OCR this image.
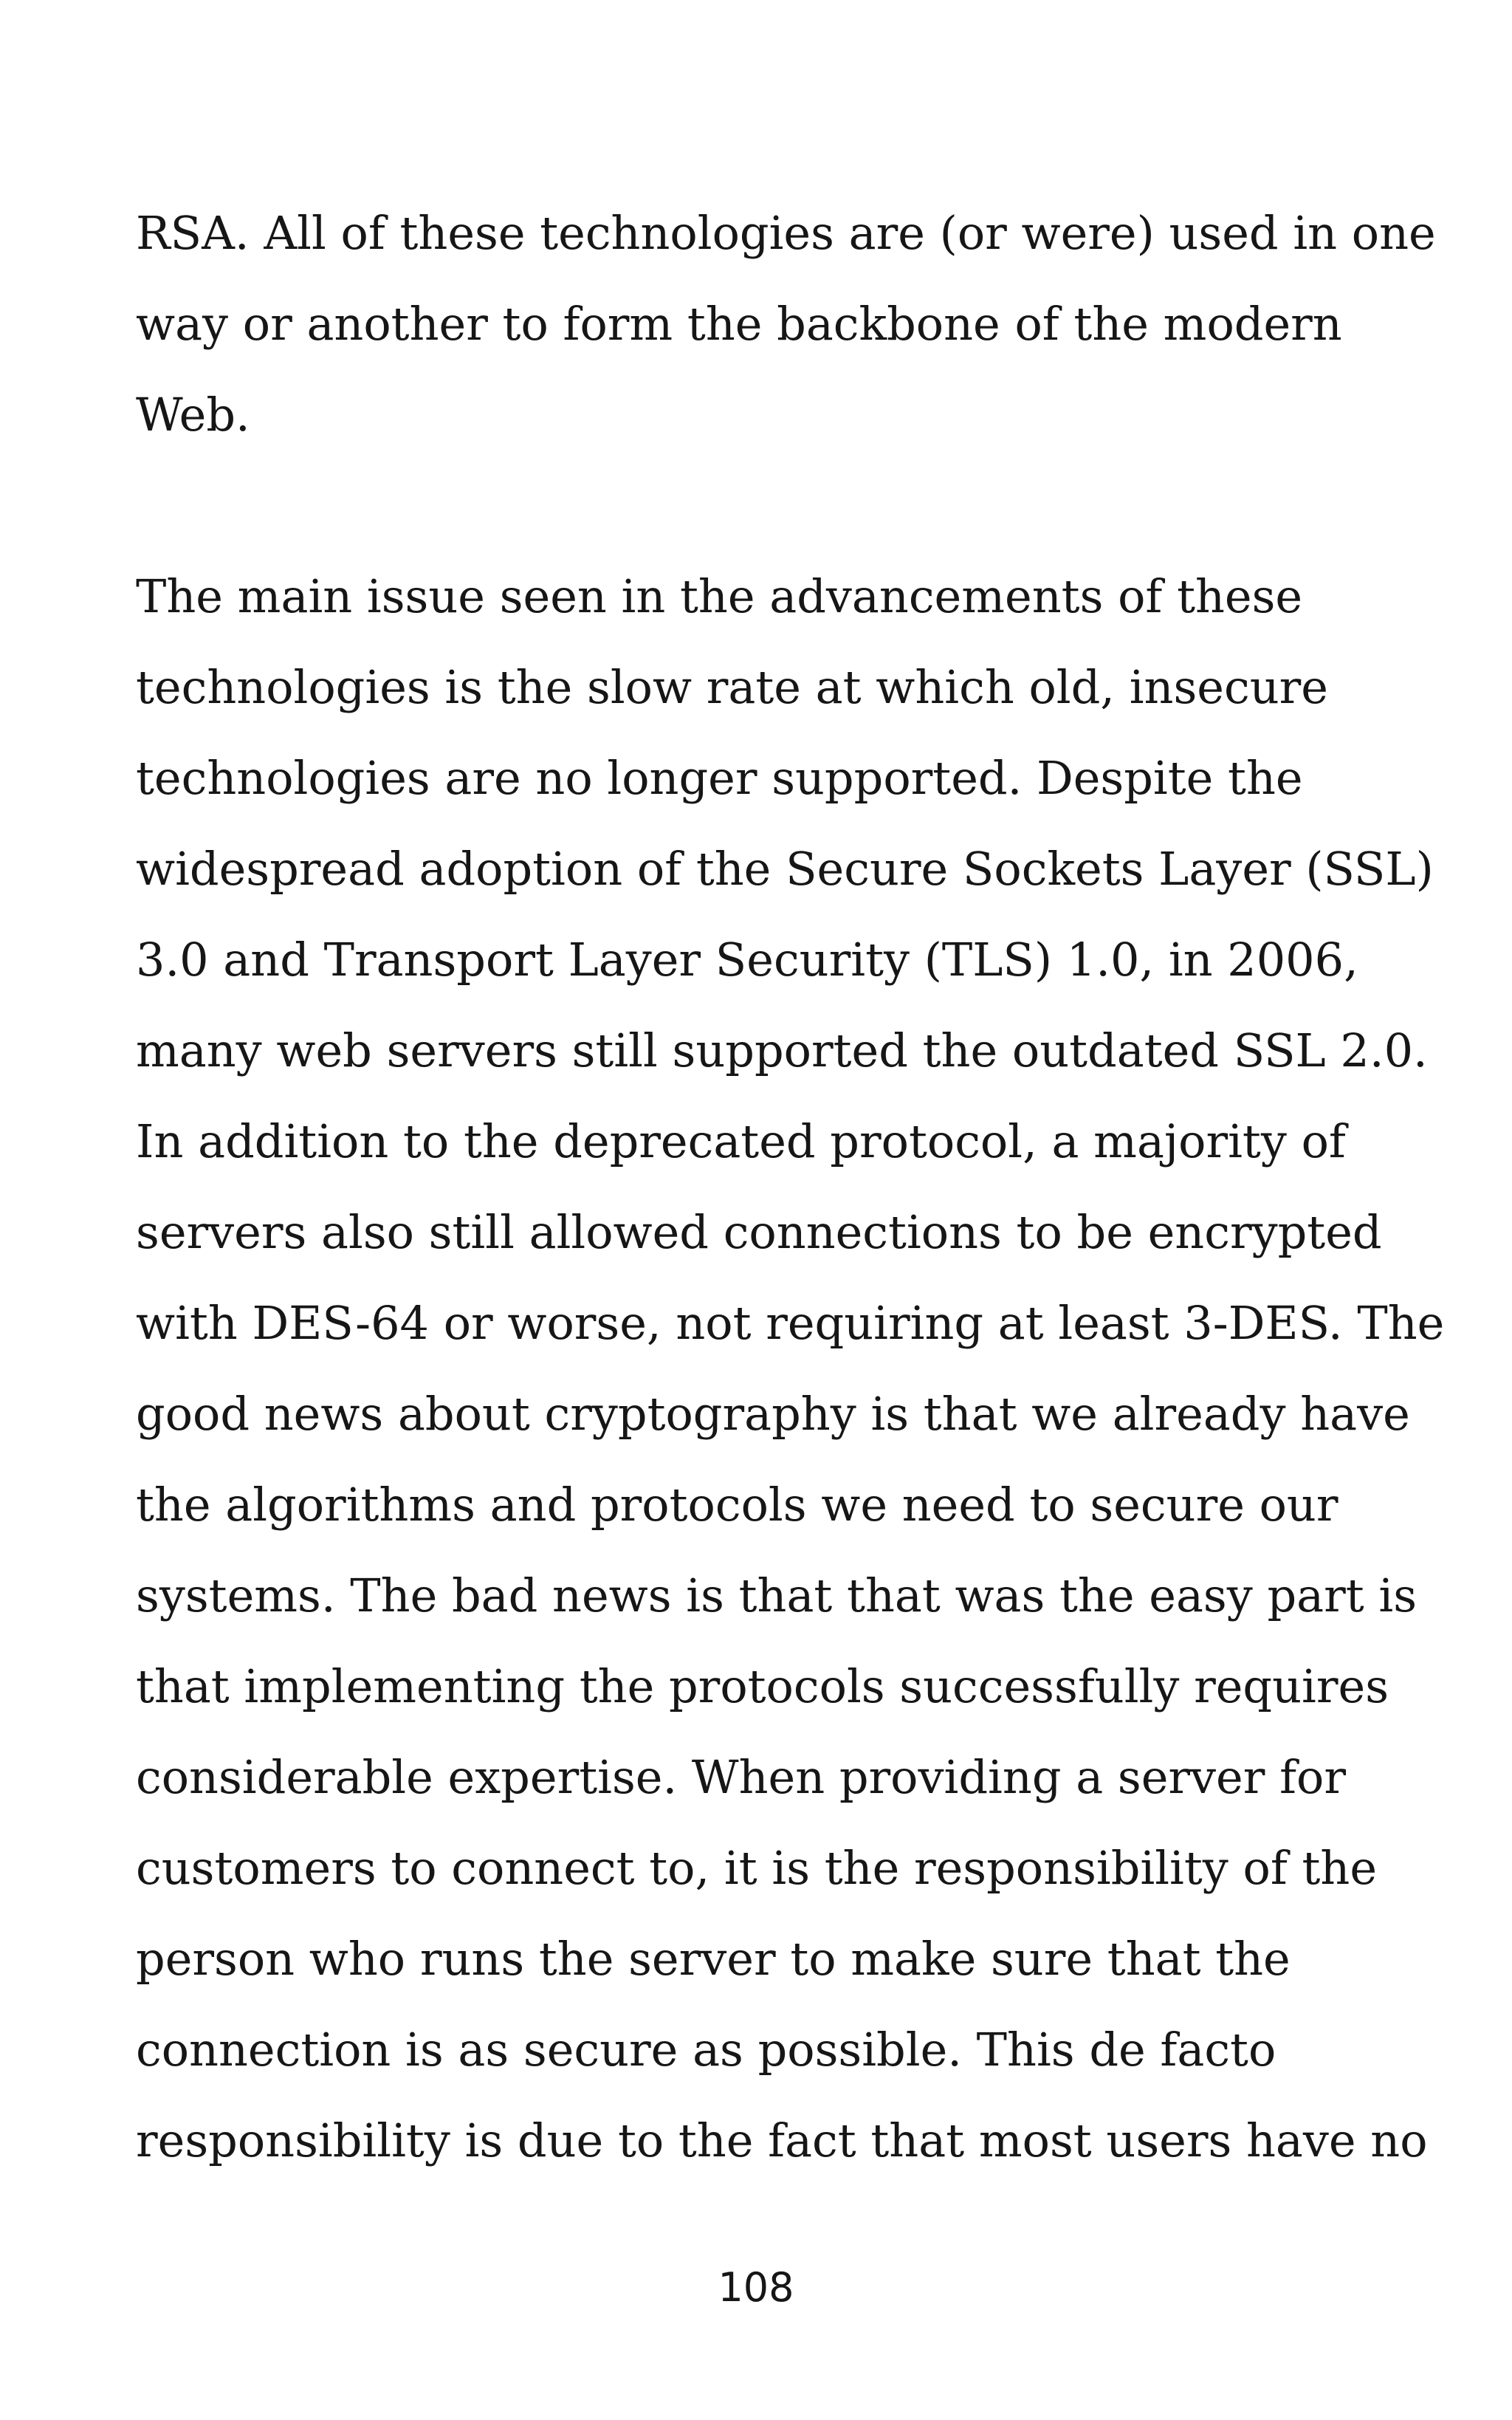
RSA. All of these technologies are (or were) used in one
way or another to form the backbone of the modern
Web.
The main issue seen in the advancements of these
technologies is the slow rate at which old, insecure
technologies are no longer supported. Despite the
widespread adoption of the Secure Sockets Layer (SSL)
3.0 and Transport Layer Security (TLS) 1.0, in 2006,
many web servers still supported the outdated SSL 2.0.
In addition to the deprecated protocol, a majority of
servers also still allowed connections to be encrypted
with DES-64 or worse, not requiring at least 3-DES. The
good news about cryptography is that we already have
the algorithms and protocols we need to secure our
systems. The bad news is that that was the easy part is
that implementing the protocols successfully requires
considerable expertise. When providing a server for
customers to connect to, it is the responsibility of the
person who runs the server to make sure that the
connection is as secure as possible. This de facto
responsibility is due to the fact that most users have no
108
